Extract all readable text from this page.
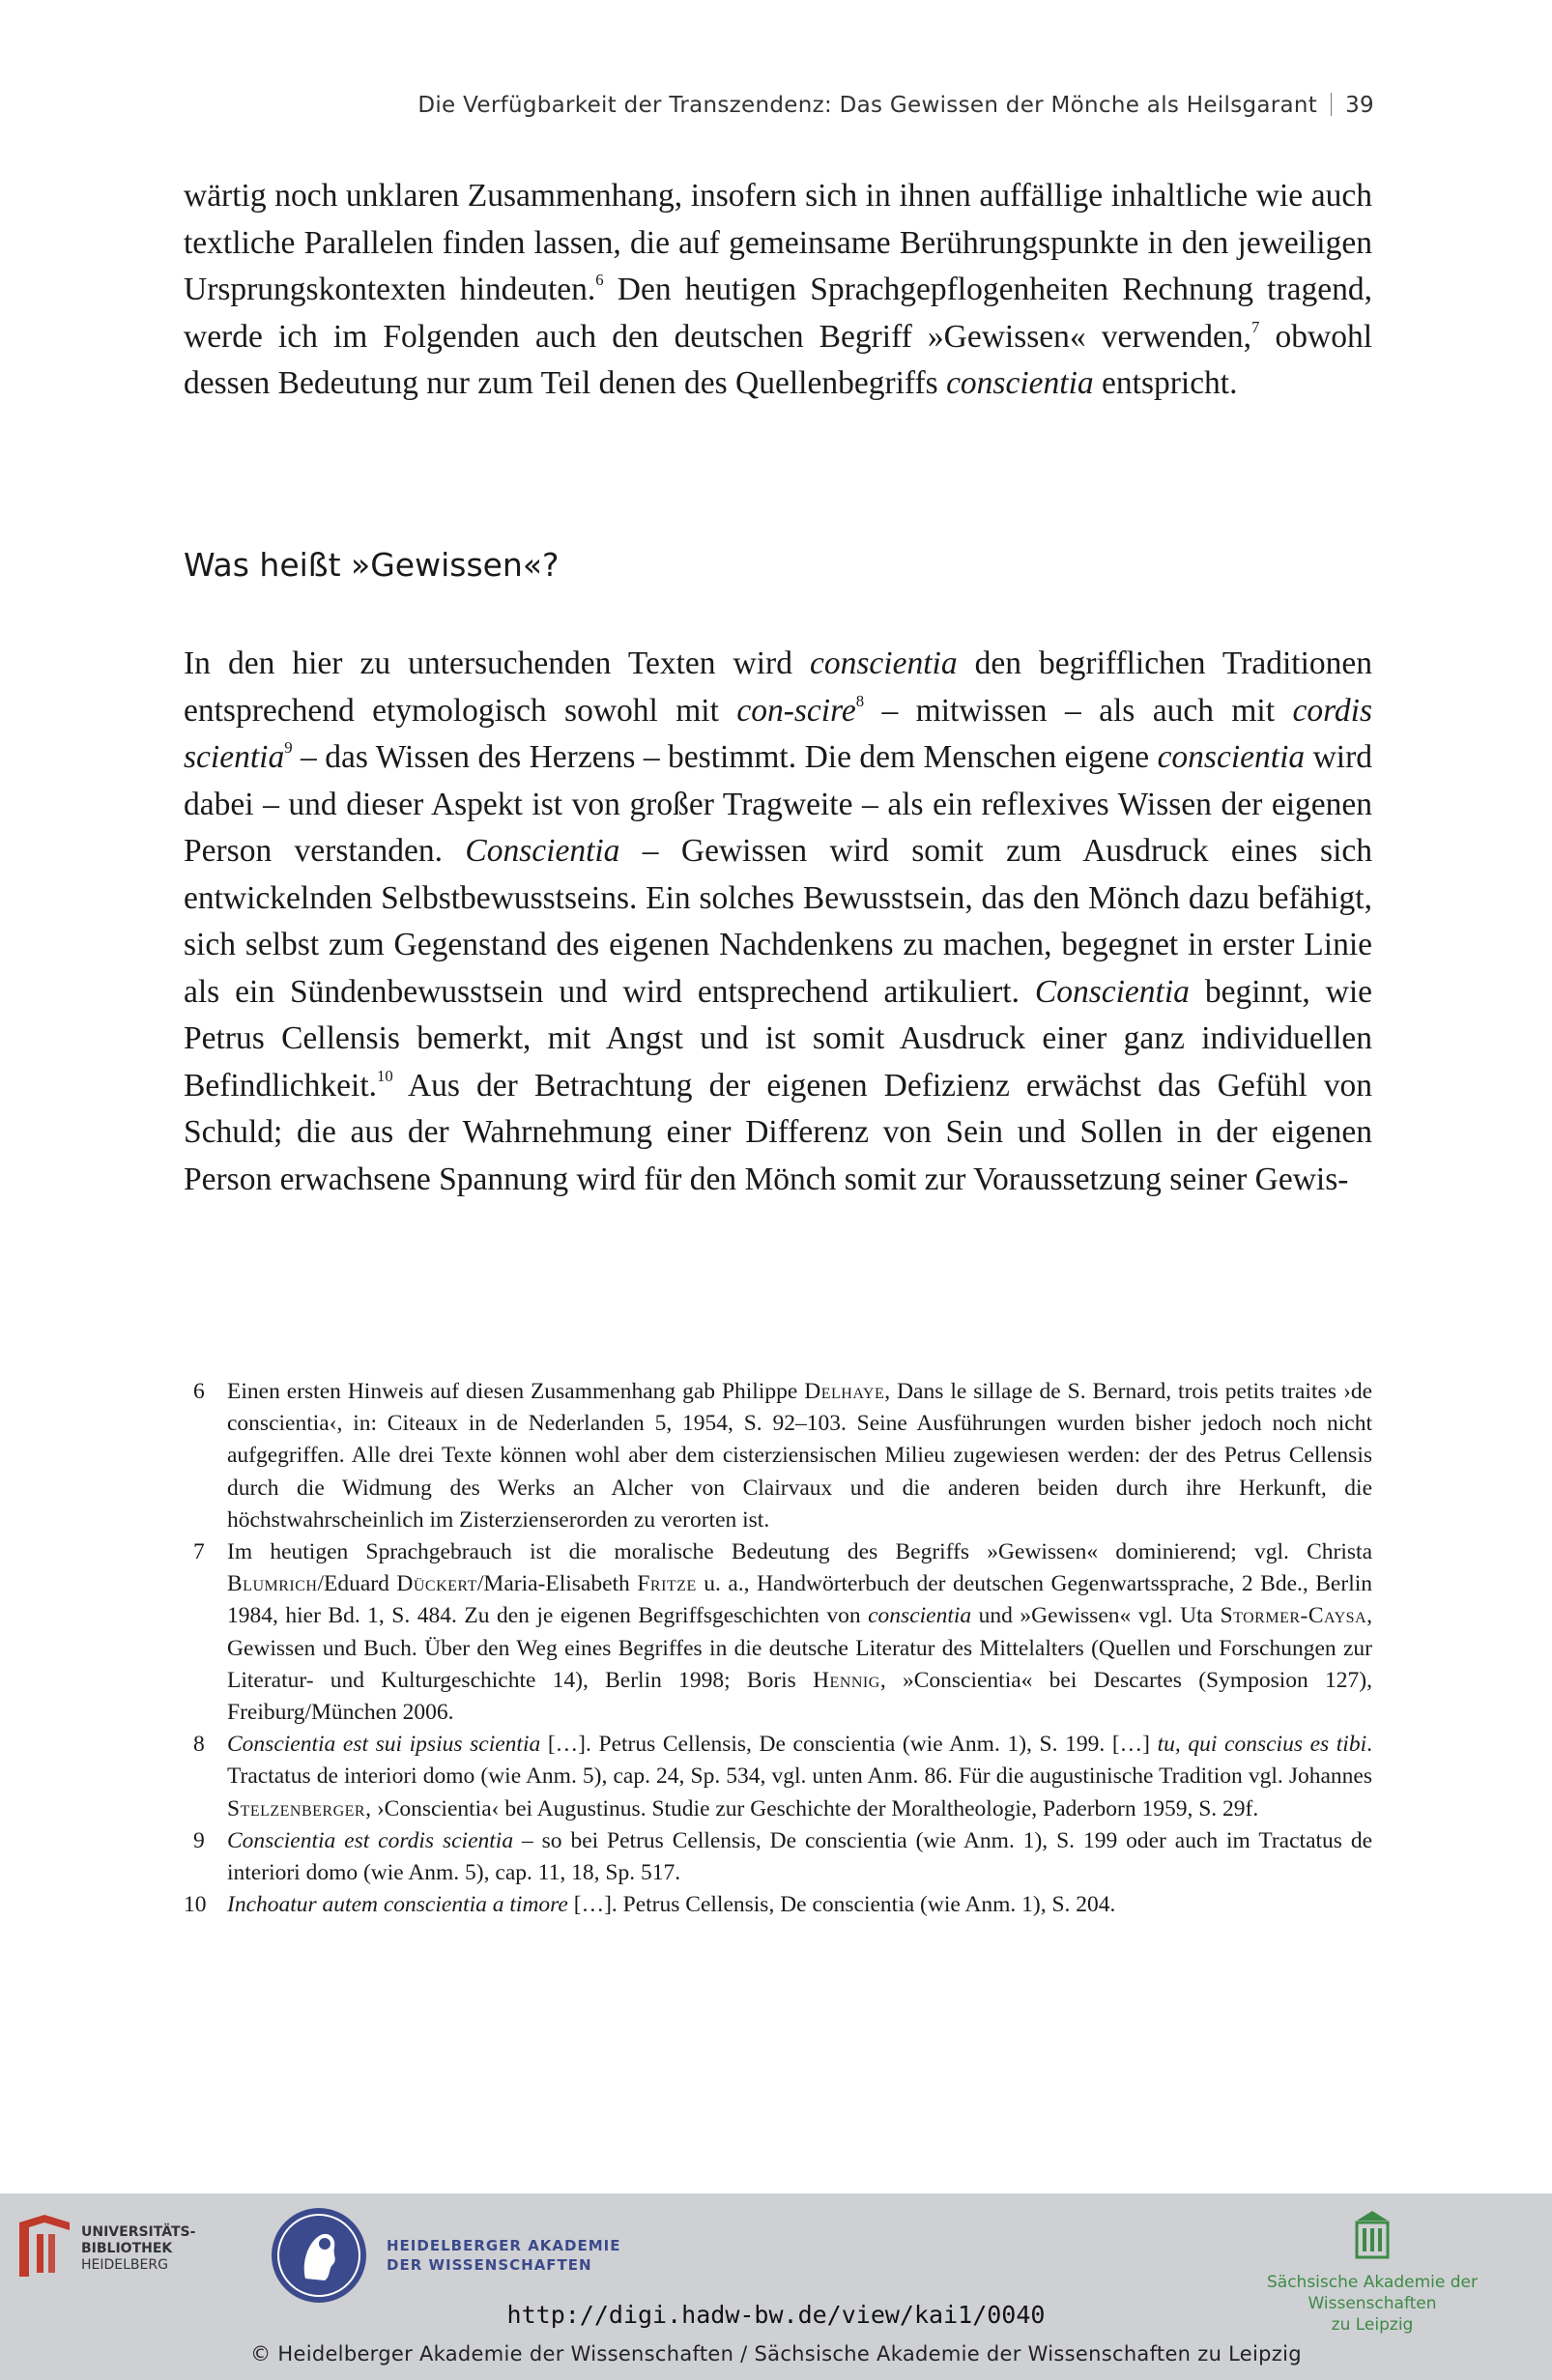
Die Verfügbarkeit der Transzendenz: Das Gewissen der Mönche als Heilsgarant 39
wärtig noch unklaren Zusammenhang, insofern sich in ihnen auffällige inhaltliche wie auch textliche Parallelen finden lassen, die auf gemeinsame Berührungspunkte in den jeweiligen Ursprungskontexten hindeuten.$^6$ Den heutigen Sprachgepflogenheiten Rechnung tragend, werde ich im Folgenden auch den deutschen Begriff »Gewissen« verwenden,$^7$ obwohl dessen Bedeutung nur zum Teil denen des Quellenbegriffs conscientia entspricht.
Was heißt »Gewissen«?
In den hier zu untersuchenden Texten wird conscientia den begrifflichen Traditionen entsprechend etymologisch sowohl mit con-scire$^8$ – mitwissen – als auch mit cordis scientia$^9$ – das Wissen des Herzens – bestimmt. Die dem Menschen eigene conscientia wird dabei – und dieser Aspekt ist von großer Tragweite – als ein reflexives Wissen der eigenen Person verstanden. Conscientia – Gewissen wird somit zum Ausdruck eines sich entwickelnden Selbstbewusstseins. Ein solches Bewusstsein, das den Mönch dazu befähigt, sich selbst zum Gegenstand des eigenen Nachdenkens zu machen, begegnet in erster Linie als ein Sündenbewusstsein und wird entsprechend artikuliert. Conscientia beginnt, wie Petrus Cellensis bemerkt, mit Angst und ist somit Ausdruck einer ganz individuellen Befindlichkeit.$^{10}$ Aus der Betrachtung der eigenen Defizienz erwächst das Gefühl von Schuld; die aus der Wahrnehmung einer Differenz von Sein und Sollen in der eigenen Person erwachsene Spannung wird für den Mönch somit zur Voraussetzung seiner Gewis-
6 Einen ersten Hinweis auf diesen Zusammenhang gab Philippe Delhaye, Dans le sillage de S. Bernard, trois petits traites ›de conscientia‹, in: Citeaux in de Nederlanden 5, 1954, S. 92–103. Seine Ausführungen wurden bisher jedoch noch nicht aufgegriffen. Alle drei Texte können wohl aber dem cisterziensischen Milieu zugewiesen werden: der des Petrus Cellensis durch die Widmung des Werks an Alcher von Clairvaux und die anderen beiden durch ihre Herkunft, die höchstwahrscheinlich im Zisterzienserorden zu verorten ist.
7 Im heutigen Sprachgebrauch ist die moralische Bedeutung des Begriffs »Gewissen« dominierend; vgl. Christa Blumrich/Eduard Dückert/Maria-Elisabeth Fritze u. a., Handwörterbuch der deutschen Gegenwartssprache, 2 Bde., Berlin 1984, hier Bd. 1, S. 484. Zu den je eigenen Begriffsgeschichten von conscientia und »Gewissen« vgl. Uta Stormer-Caysa, Gewissen und Buch. Über den Weg eines Begriffes in die deutsche Literatur des Mittelalters (Quellen und Forschungen zur Literatur- und Kulturgeschichte 14), Berlin 1998; Boris Hennig, »Conscientia« bei Descartes (Symposion 127), Freiburg/München 2006.
8 Conscientia est sui ipsius scientia […]. Petrus Cellensis, De conscientia (wie Anm. 1), S. 199. […] tu, qui conscius es tibi. Tractatus de interiori domo (wie Anm. 5), cap. 24, Sp. 534, vgl. unten Anm. 86. Für die augustinische Tradition vgl. Johannes Stelzenberger, ›Conscientia‹ bei Augustinus. Studie zur Geschichte der Moraltheologie, Paderborn 1959, S. 29f.
9 Conscientia est cordis scientia – so bei Petrus Cellensis, De conscientia (wie Anm. 1), S. 199 oder auch im Tractatus de interiori domo (wie Anm. 5), cap. 11, 18, Sp. 517.
10 Inchoatur autem conscientia a timore […]. Petrus Cellensis, De conscientia (wie Anm. 1), S. 204.
UNIVERSITÄTS-
BIBLIOTHEK
HEIDELBERG
HEIDELBERGER AKADEMIE
DER WISSENSCHAFTEN
Sächsische Akademie der Wissenschaften
zu Leipzig
http://digi.hadw-bw.de/view/kai1/0040
© Heidelberger Akademie der Wissenschaften / Sächsische Akademie der Wissenschaften zu Leipzig
